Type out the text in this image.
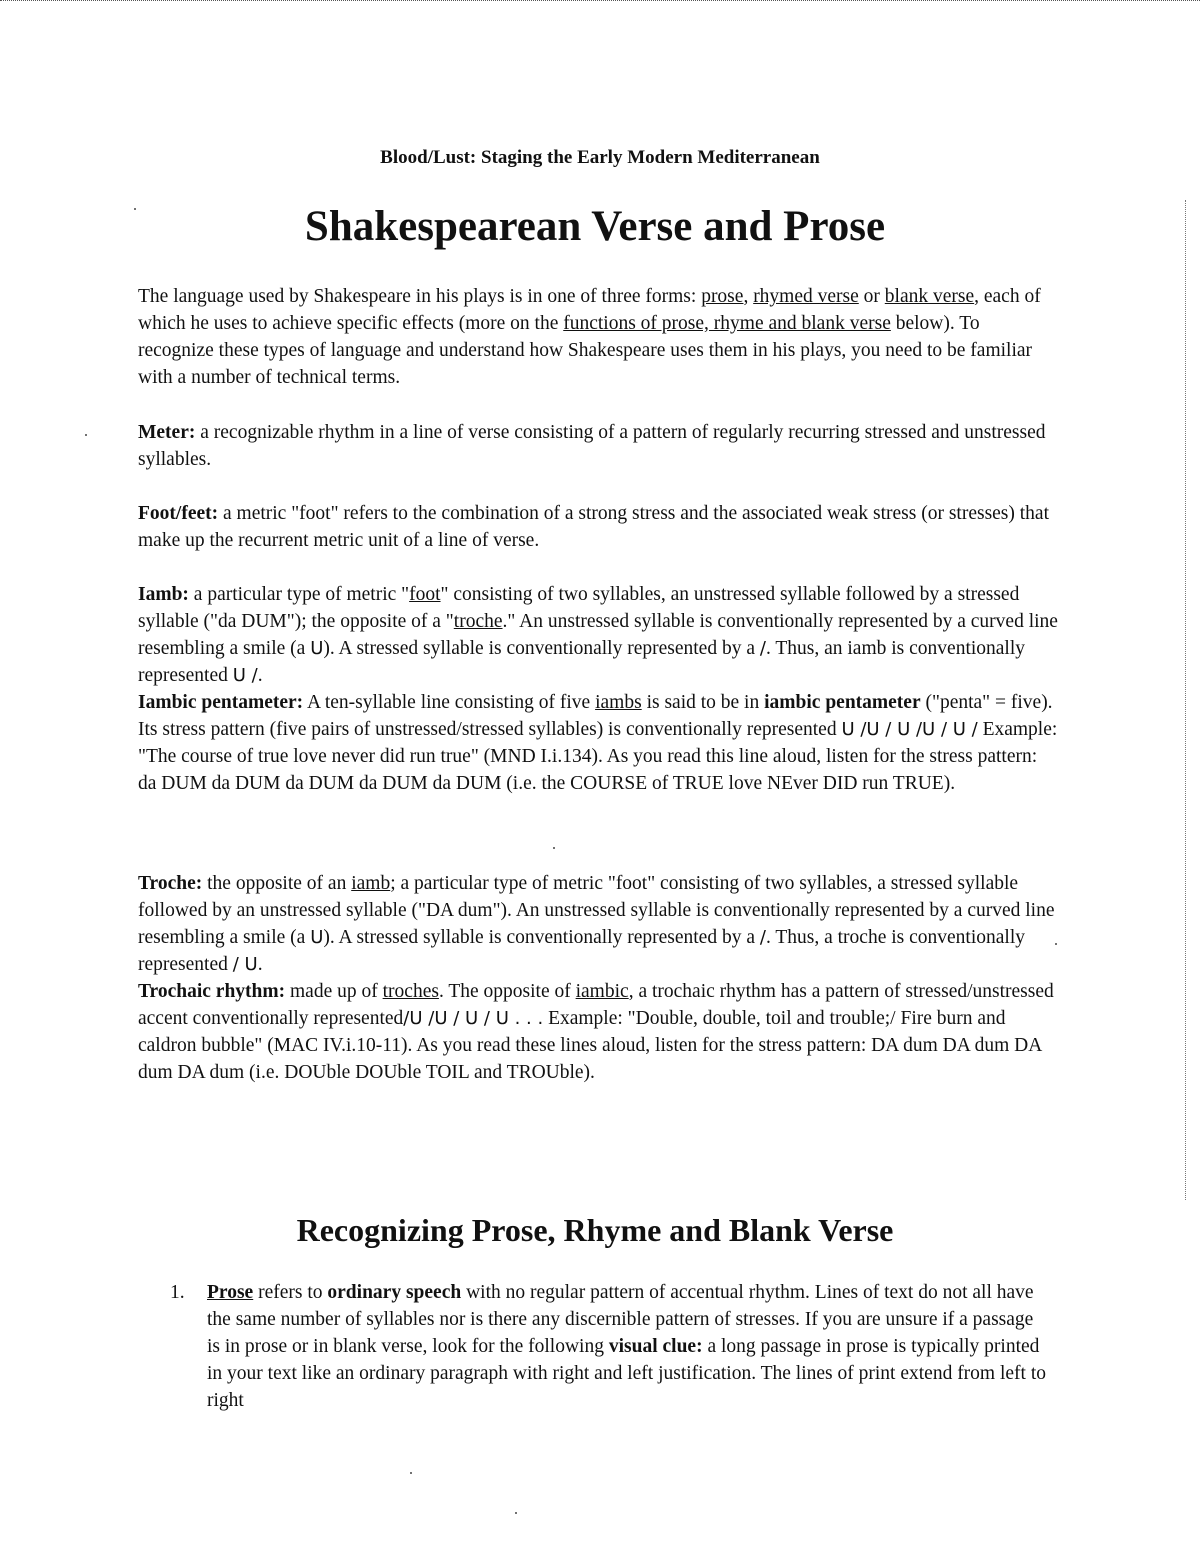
Blood/Lust: Staging the Early Modern Mediterranean
Shakespearean Verse and Prose

The language used by Shakespeare in his plays is in one of three forms: prose, rhymed verse or blank verse, each of which he uses to achieve specific effects (more on the functions of prose, rhyme and blank verse below). To recognize these types of language and understand how Shakespeare uses them in his plays, you need to be familiar with a number of technical terms.

Meter: a recognizable rhythm in a line of verse consisting of a pattern of regularly recurring stressed and unstressed syllables.

Foot/feet: a metric "foot" refers to the combination of a strong stress and the associated weak stress (or stresses) that make up the recurrent metric unit of a line of verse.

Iamb: a particular type of metric "foot" consisting of two syllables, an unstressed syllable followed by a stressed syllable ("da DUM"); the opposite of a "troche." An unstressed syllable is conventionally represented by a curved line resembling a smile (a U). A stressed syllable is conventionally represented by a /. Thus, an iamb is conventionally represented U /.

Iambic pentameter: A ten-syllable line consisting of five iambs is said to be in iambic pentameter ("penta" = five). Its stress pattern (five pairs of unstressed/stressed syllables) is conventionally represented U /U / U /U / U / Example: "The course of true love never did run true" (MND I.i.134). As you read this line aloud, listen for the stress pattern: da DUM da DUM da DUM da DUM da DUM (i.e. the COURSE of TRUE love NEver DID run TRUE).

Troche: the opposite of an iamb; a particular type of metric "foot" consisting of two syllables, a stressed syllable followed by an unstressed syllable ("DA dum"). An unstressed syllable is conventionally represented by a curved line resembling a smile (a U). A stressed syllable is conventionally represented by a /. Thus, a troche is conventionally represented / U.

Trochaic rhythm: made up of troches. The opposite of iambic, a trochaic rhythm has a pattern of stressed/unstressed accent conventionally represented/U /U / U / U . . . Example: "Double, double, toil and trouble;/ Fire burn and caldron bubble" (MAC IV.i.10-11). As you read these lines aloud, listen for the stress pattern: DA dum DA dum DA dum DA dum (i.e. DOUble DOUble TOIL and TROUble).

Recognizing Prose, Rhyme and Blank Verse
1. Prose refers to ordinary speech with no regular pattern of accentual rhythm. Lines of text do not all have the same number of syllables nor is there any discernible pattern of stresses. If you are unsure if a passage is in prose or in blank verse, look for the following visual clue: a long passage in prose is typically printed in your text like an ordinary paragraph with right and left justification. The lines of print extend from left to right
